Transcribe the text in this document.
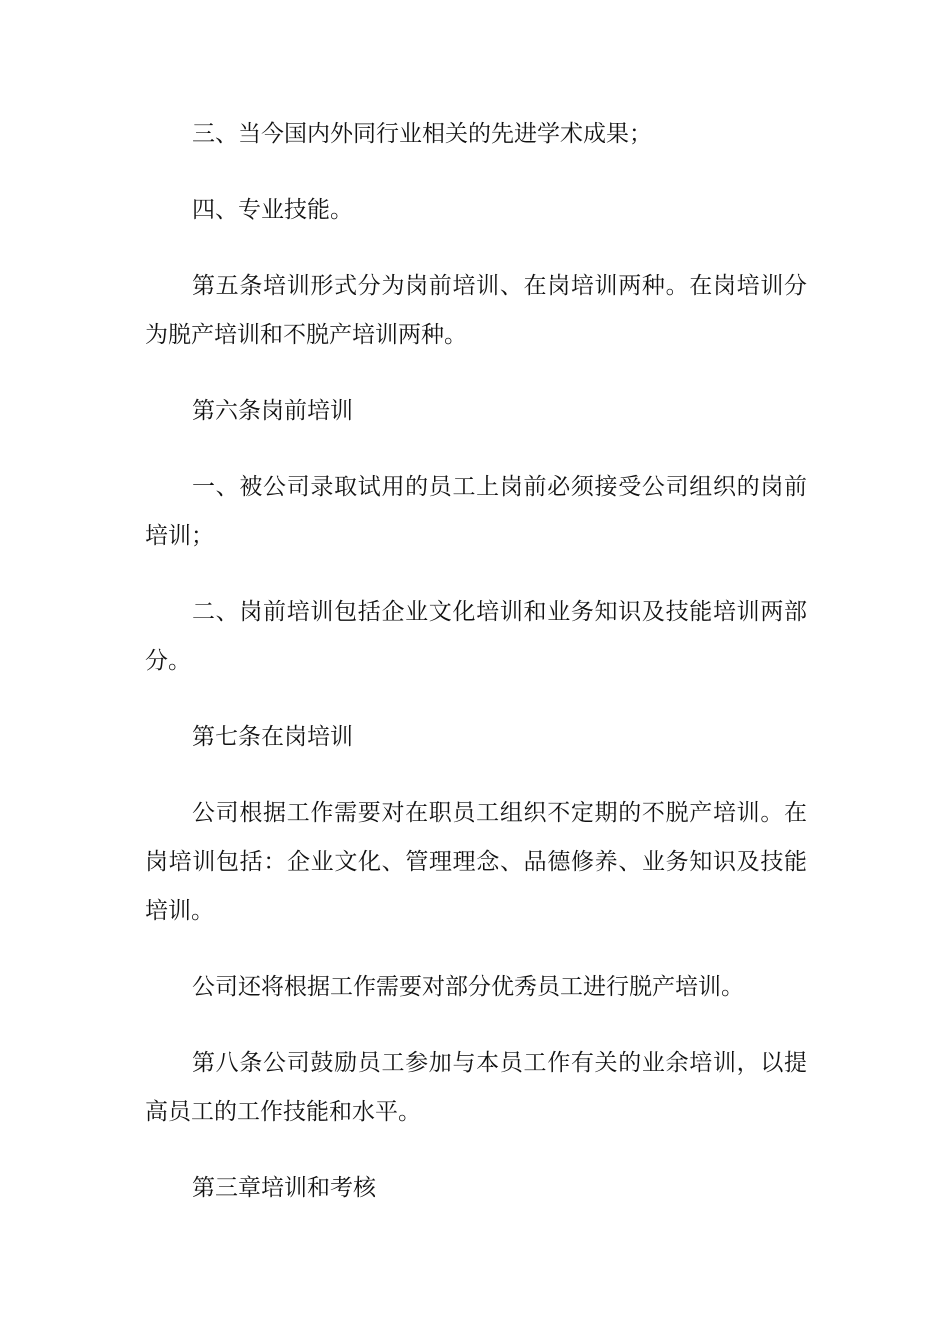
三、当今国内外同行业相关的先进学术成果；

四、专业技能。

第五条培训形式分为岗前培训、在岗培训两种。在岗培训分为脱产培训和不脱产培训两种。

第六条岗前培训

一、被公司录取试用的员工上岗前必须接受公司组织的岗前培训；

二、岗前培训包括企业文化培训和业务知识及技能培训两部分。

第七条在岗培训

公司根据工作需要对在职员工组织不定期的不脱产培训。在岗培训包括：企业文化、管理理念、品德修养、业务知识及技能培训。

公司还将根据工作需要对部分优秀员工进行脱产培训。

第八条公司鼓励员工参加与本员工作有关的业余培训，以提高员工的工作技能和水平。

第三章培训和考核
